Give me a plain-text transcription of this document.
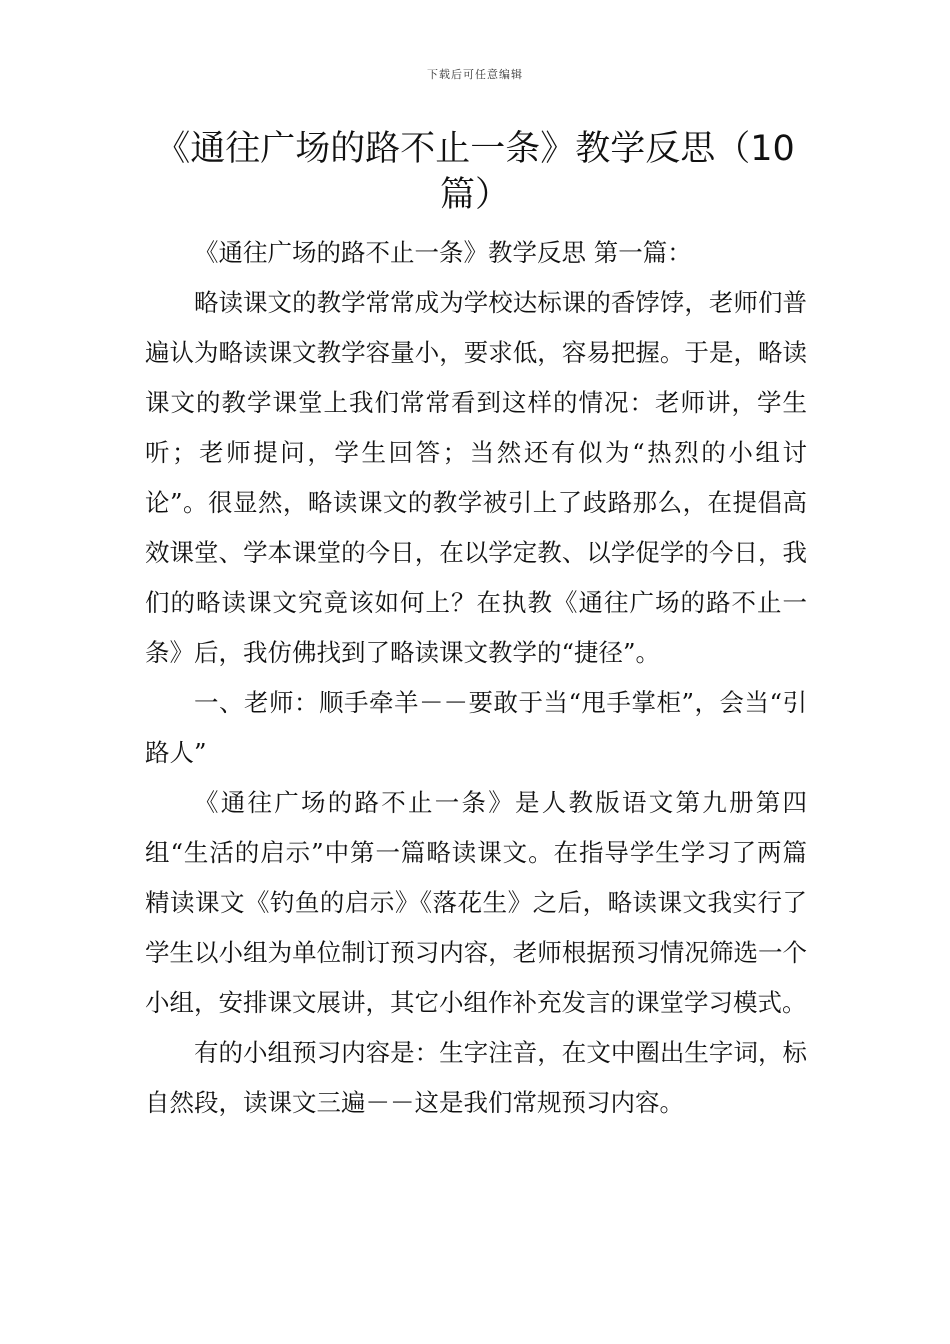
下载后可任意编辑
《通往广场的路不止一条》教学反思（10篇）

《通往广场的路不止一条》教学反思 第一篇：

略读课文的教学常常成为学校达标课的香饽饽，老师们普遍认为略读课文教学容量小，要求低，容易把握。于是，略读课文的教学课堂上我们常常看到这样的情况：老师讲，学生听；老师提问，学生回答；当然还有似为“热烈的小组讨论”。很显然，略读课文的教学被引上了歧路那么，在提倡高效课堂、学本课堂的今日，在以学定教、以学促学的今日，我们的略读课文究竟该如何上？在执教《通往广场的路不止一条》后，我仿佛找到了略读课文教学的“捷径”。

一、老师：顺手牵羊－－要敢于当“甩手掌柜”，会当“引路人”

《通往广场的路不止一条》是人教版语文第九册第四组“生活的启示”中第一篇略读课文。在指导学生学习了两篇精读课文《钓鱼的启示》《落花生》之后，略读课文我实行了学生以小组为单位制订预习内容，老师根据预习情况筛选一个小组，安排课文展讲，其它小组作补充发言的课堂学习模式。

有的小组预习内容是：生字注音，在文中圈出生字词，标自然段，读课文三遍－－这是我们常规预习内容。
